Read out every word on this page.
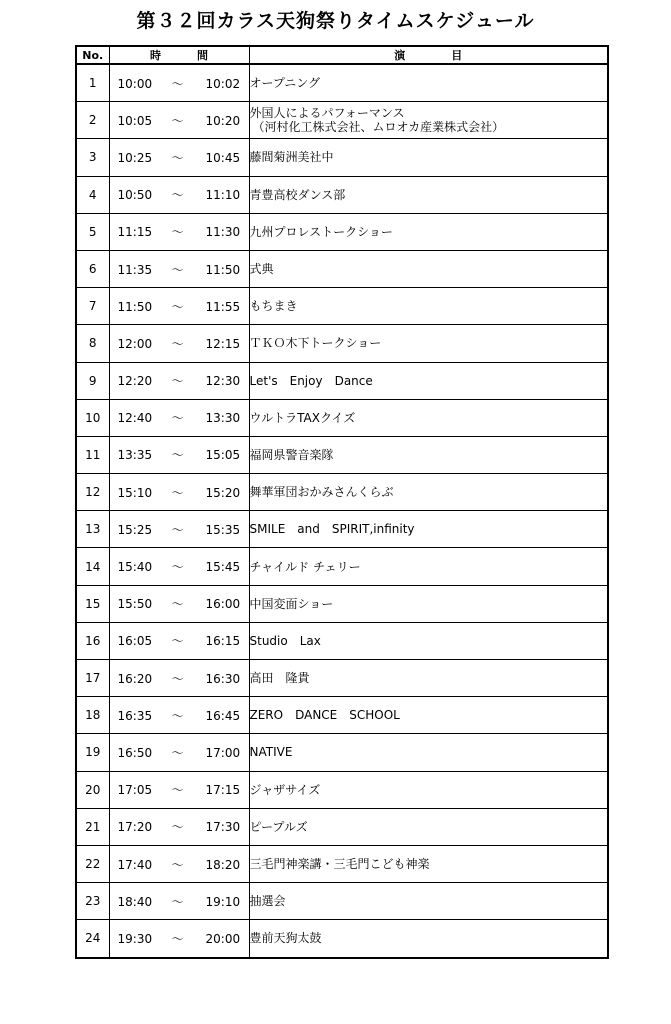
第３２回カラス天狗祭りタイムスケジュール
No.	時 間	演 目
1	10:00 ～ 10:02	オープニング
2	10:05 ～ 10:20	外国人によるパフォーマンス
（河村化工株式会社、ムロオカ産業株式会社）

3	10:25 ～ 10:45	藤間菊洲美社中
4	10:50 ～ 11:10	青豊高校ダンス部
5	11:15 ～ 11:30	九州プロレストークショー
6	11:35 ～ 11:50	式典
7	11:50 ～ 11:55	もちまき
8	12:00 ～ 12:15	ＴＫＯ木下トークショー
9	12:20 ～ 12:30	Let's　Enjoy　Dance
10	12:40 ～ 13:30	ウルトラTAXクイズ
11	13:35 ～ 15:05	福岡県警音楽隊
12	15:10 ～ 15:20	舞華軍団おかみさんくらぶ
13	15:25 ～ 15:35	SMILE　and　SPIRIT,infinity
14	15:40 ～ 15:45	チャイルド チェリー
15	15:50 ～ 16:00	中国変面ショー
16	16:05 ～ 16:15	Studio　Lax
17	16:20 ～ 16:30	高田　隆貴
18	16:35 ～ 16:45	ZERO　DANCE　SCHOOL
19	16:50 ～ 17:00	NATIVE
20	17:05 ～ 17:15	ジャザサイズ
21	17:20 ～ 17:30	ピープルズ
22	17:40 ～ 18:20	三毛門神楽講・三毛門こども神楽
23	18:40 ～ 19:10	抽選会
24	19:30 ～ 20:00	豊前天狗太鼓
